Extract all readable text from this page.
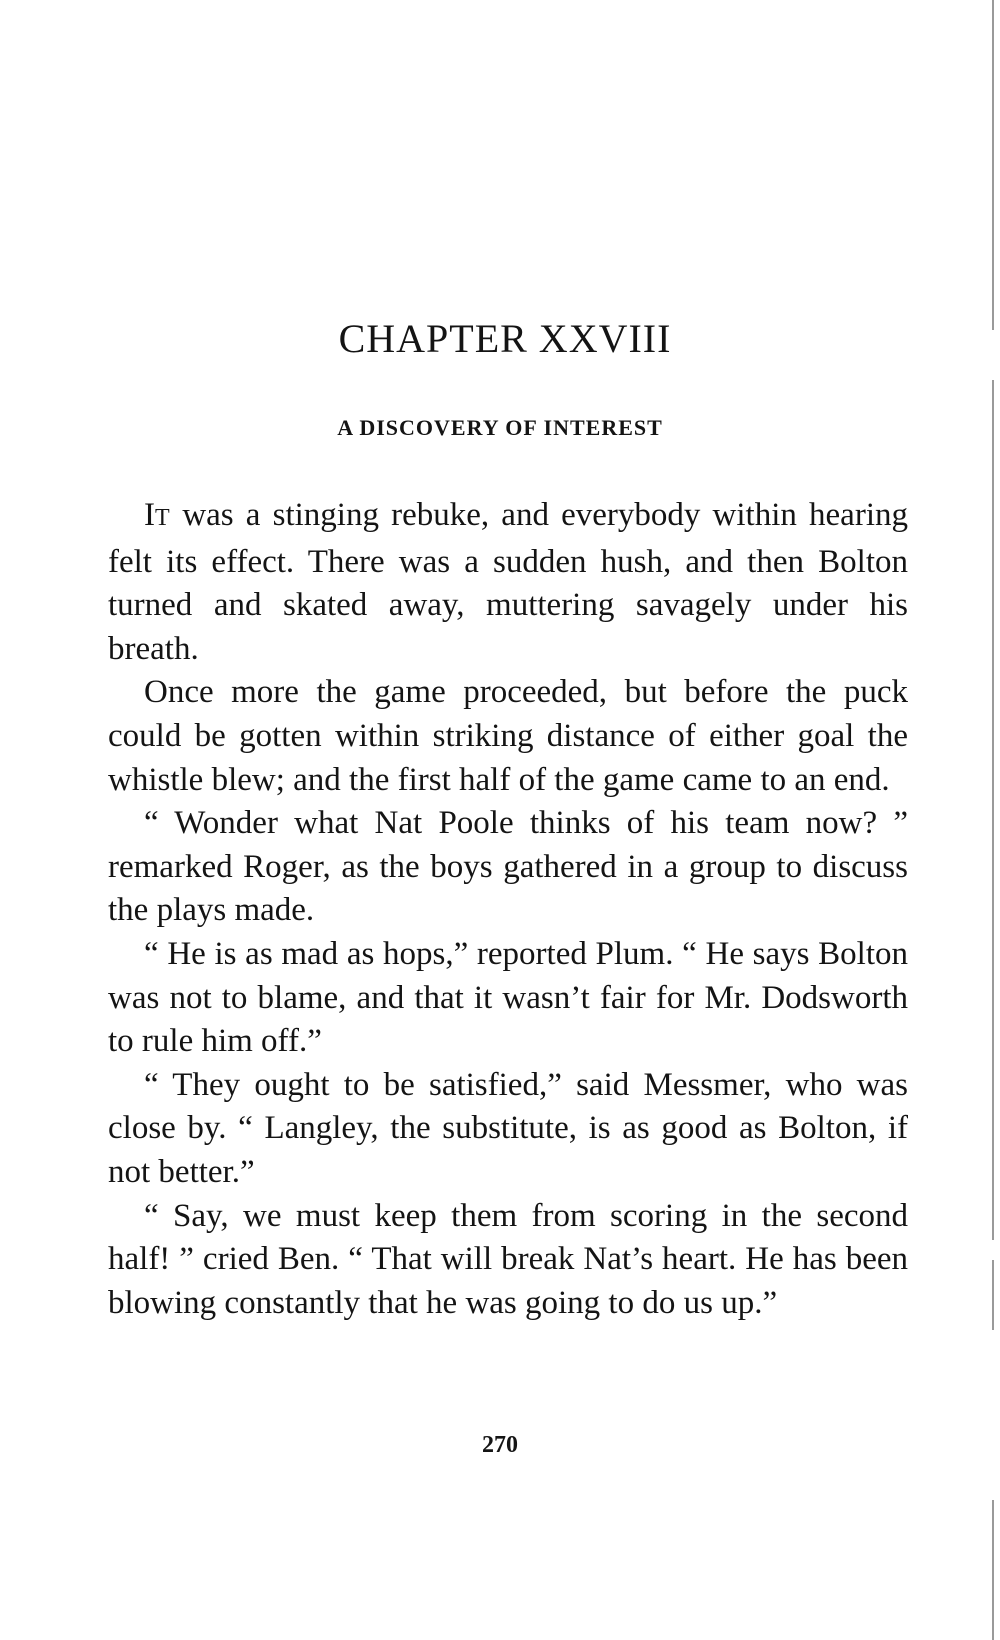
CHAPTER XXVIII
A DISCOVERY OF INTEREST

IT was a stinging rebuke, and everybody within hearing felt its effect. There was a sudden hush, and then Bolton turned and skated away, muttering savagely under his breath.

Once more the game proceeded, but before the puck could be gotten within striking distance of either goal the whistle blew; and the first half of the game came to an end.

“ Wonder what Nat Poole thinks of his team now? ” remarked Roger, as the boys gathered in a group to discuss the plays made.

“ He is as mad as hops,” reported Plum. “ He says Bolton was not to blame, and that it wasn’t fair for Mr. Dodsworth to rule him off.”

“ They ought to be satisfied,” said Messmer, who was close by. “ Langley, the substitute, is as good as Bolton, if not better.”

“ Say, we must keep them from scoring in the second half! ” cried Ben. “ That will break Nat’s heart. He has been blowing constantly that he was going to do us up.”

270
